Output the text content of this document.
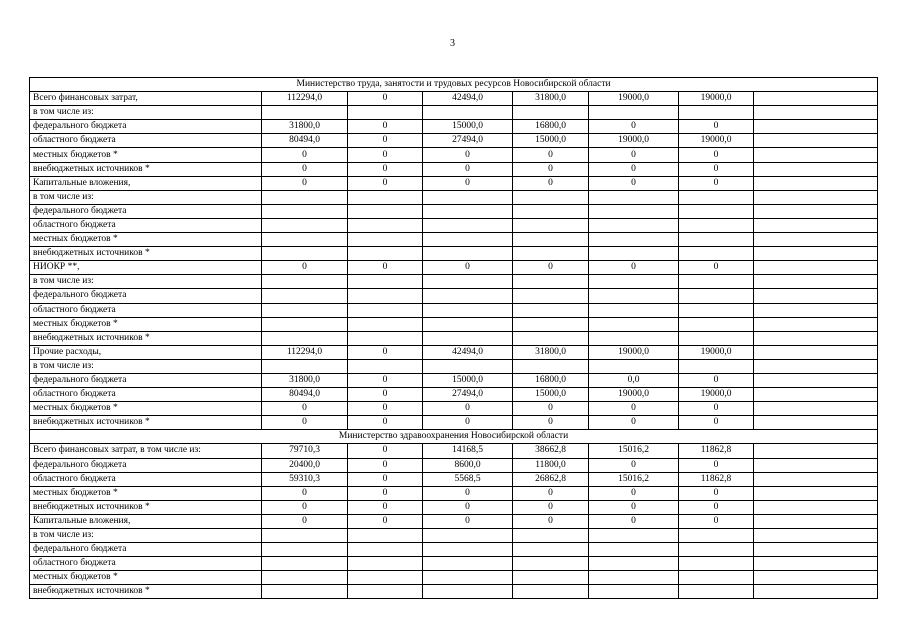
3
Министерство труда, занятости и трудовых ресурсов Новосибирской области							
Всего финансовых затрат,	112294,0	0	42494,0	31800,0	19000,0	19000,0	
в том числе из:							
федерального бюджета	31800,0	0	15000,0	16800,0	0	0	
областного бюджета	80494,0	0	27494,0	15000,0	19000,0	19000,0	
местных бюджетов *	0	0	0	0	0	0	
внебюджетных источников *	0	0	0	0	0	0	
Капитальные вложения,	0	0	0	0	0	0	
в том числе из:							
федерального бюджета							
областного бюджета							
местных бюджетов *							
внебюджетных источников *							
НИОКР **,	0	0	0	0	0	0	
в том числе из:							
федерального бюджета							
областного бюджета							
местных бюджетов *							
внебюджетных источников *							
Прочие расходы,	112294,0	0	42494,0	31800,0	19000,0	19000,0	
в том числе из:							
федерального бюджета	31800,0	0	15000,0	16800,0	0,0	0	
областного бюджета	80494,0	0	27494,0	15000,0	19000,0	19000,0	
местных бюджетов *	0	0	0	0	0	0	
внебюджетных источников *	0	0	0	0	0	0	
Министерство здравоохранения Новосибирской области							
Всего финансовых затрат, в том числе из:	79710,3	0	14168,5	38662,8	15016,2	11862,8	
федерального бюджета	20400,0	0	8600,0	11800,0	0	0	
областного бюджета	59310,3	0	5568,5	26862,8	15016,2	11862,8	
местных бюджетов *	0	0	0	0	0	0	
внебюджетных источников *	0	0	0	0	0	0	
Капитальные вложения,	0	0	0	0	0	0	
в том числе из:							
федерального бюджета							
областного бюджета							
местных бюджетов *							
внебюджетных источников *							
